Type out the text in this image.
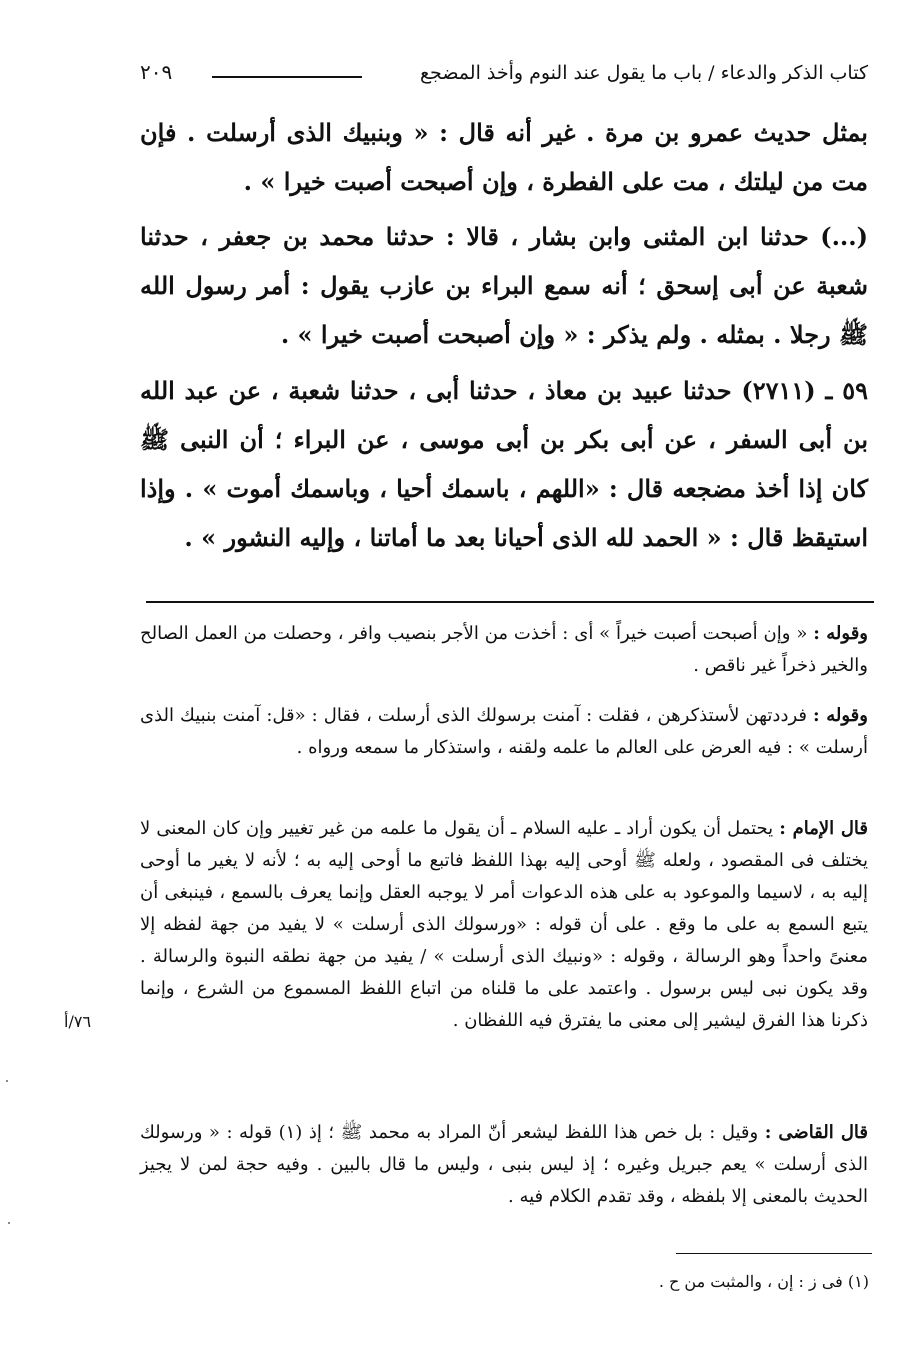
كتاب الذكر والدعاء / باب ما يقول عند النوم وأخذ المضجع
٢٠٩
بمثل حديث عمرو بن مرة . غير أنه قال : « وبنبيك الذى أرسلت . فإن مت من ليلتك ، مت على الفطرة ، وإن أصبحت أصبت خيرا » .
(...) حدثنا ابن المثنى وابن بشار ، قالا : حدثنا محمد بن جعفر ، حدثنا شعبة عن أبى إسحق ؛ أنه سمع البراء بن عازب يقول : أمر رسول الله ﷺ رجلا . بمثله . ولم يذكر : « وإن أصبحت أصبت خيرا » .
٥٩ ـ (٢٧١١) حدثنا عبيد بن معاذ ، حدثنا أبى ، حدثنا شعبة ، عن عبد الله بن أبى السفر ، عن أبى بكر بن أبى موسى ، عن البراء ؛ أن النبى ﷺ كان إذا أخذ مضجعه قال : «اللهم ، باسمك أحيا ، وباسمك أموت » . وإذا استيقظ قال : « الحمد لله الذى أحيانا بعد ما أماتنا ، وإليه النشور » .
وقوله : « وإن أصبحت أصبت خيراً » أى : أخذت من الأجر بنصيب وافر ، وحصلت من العمل الصالح والخير ذخراً غير ناقص .
وقوله : فرددتهن لأستذكرهن ، فقلت : آمنت برسولك الذى أرسلت ، فقال : «قل: آمنت بنبيك الذى أرسلت » : فيه العرض على العالم ما علمه ولقنه ، واستذكار ما سمعه ورواه .
قال الإمام : يحتمل أن يكون أراد ـ عليه السلام ـ أن يقول ما علمه من غير تغيير وإن كان المعنى لا يختلف فى المقصود ، ولعله ﷺ أوحى إليه بهذا اللفظ فاتبع ما أوحى إليه به ؛ لأنه لا يغير ما أوحى إليه به ، لاسيما والموعود به على هذه الدعوات أمر لا يوجبه العقل وإنما يعرف بالسمع ، فينبغى أن يتبع السمع به على ما وقع . على أن قوله : «ورسولك الذى أرسلت » لا يفيد من جهة لفظه إلا معنىً واحداً وهو الرسالة ، وقوله : «ونبيك الذى أرسلت » / يفيد من جهة نطقه النبوة والرسالة . وقد يكون نبى ليس برسول . واعتمد على ما قلناه من اتباع اللفظ المسموع من الشرع ، وإنما ذكرنا هذا الفرق ليشير إلى معنى ما يفترق فيه اللفظان .
قال القاضى : وقيل : بل خص هذا اللفظ ليشعر أنّ المراد به محمد ﷺ ؛ إذ (١) قوله : « ورسولك الذى أرسلت » يعم جبريل وغيره ؛ إذ ليس بنبى ، وليس ما قال بالبين . وفيه حجة لمن لا يجيز الحديث بالمعنى إلا بلفظه ، وقد تقدم الكلام فيه .
٧٦/أ
(١) فى ز : إن ، والمثبت من ح .
